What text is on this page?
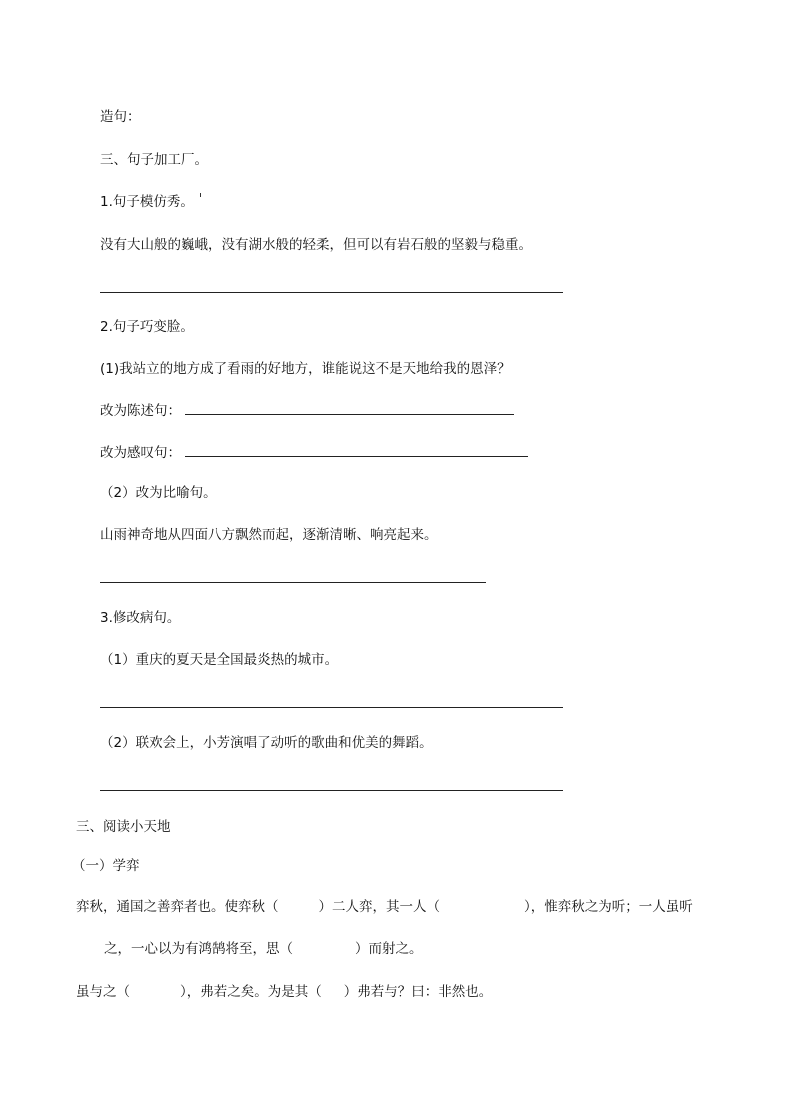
造句：
三、句子加工厂。
1.句子模仿秀。
没有大山般的巍峨，没有湖水般的轻柔，但可以有岩石般的坚毅与稳重。
2.句子巧变脸。
(1)我站立的地方成了看雨的好地方，谁能说这不是天地给我的恩泽？
改为陈述句：
改为感叹句：
（2）改为比喻句。
山雨神奇地从四面八方飘然而起，逐渐清晰、响亮起来。
3.修改病句。
（1）重庆的夏天是全国最炎热的城市。
（2）联欢会上，小芳演唱了动听的歌曲和优美的舞蹈。
三、阅读小天地
（一）学弈
弈秋，通国之善弈者也。使弈秋（	）二人弈，其一人（	），惟弈秋之为听；一人虽听
之，一心以为有鸿鹄将至，思（	）而射之。
虽与之（	），弗若之矣。为是其（ ）弗若与？曰：非然也。
